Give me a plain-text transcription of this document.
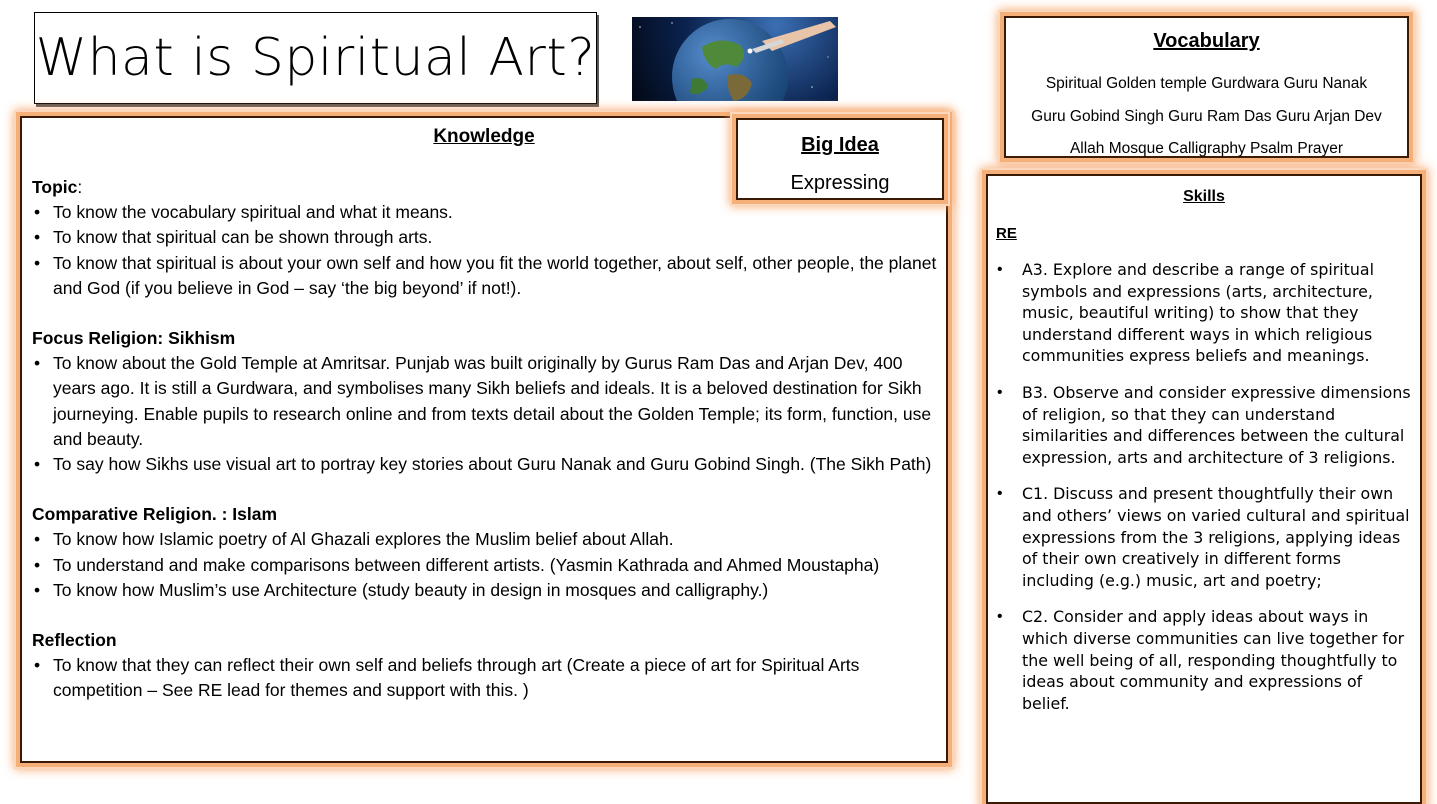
What is Spiritual Art?
Knowledge
Topic:
• To know the vocabulary spiritual and what it means.
• To know that spiritual can be shown through arts.
• To know that spiritual is about your own self and how you fit the world together, about self, other people, the planet and God (if you believe in God – say ‘the big beyond’ if not!).
Focus Religion: Sikhism
• To know about the Gold Temple at Amritsar. Punjab was built originally by Gurus Ram Das and Arjan Dev, 400 years ago. It is still a Gurdwara, and symbolises many Sikh beliefs and ideals. It is a beloved destination for Sikh journeying. Enable pupils to research online and from texts detail about the Golden Temple; its form, function, use and beauty.
• To say how Sikhs use visual art to portray key stories about Guru Nanak and Guru Gobind Singh. (The Sikh Path)
Comparative Religion. : Islam
• To know how Islamic poetry of Al Ghazali explores the Muslim belief about Allah.
• To understand and make comparisons between different artists. (Yasmin Kathrada and Ahmed Moustapha)
• To know how Muslim’s use Architecture (study beauty in design in mosques and calligraphy.)
Reflection
• To know that they can reflect their own self and beliefs through art (Create a piece of art for Spiritual Arts competition – See RE lead for themes and support with this. )
Big Idea
Expressing
Vocabulary
Spiritual Golden temple Gurdwara Guru Nanak
Guru Gobind Singh Guru Ram Das Guru Arjan Dev
Allah Mosque Calligraphy Psalm Prayer
Skills
RE
• A3. Explore and describe a range of spiritual symbols and expressions (arts, architecture, music, beautiful writing) to show that they understand different ways in which religious communities express beliefs and meanings.
• B3. Observe and consider expressive dimensions of religion, so that they can understand similarities and differences between the cultural expression, arts and architecture of 3 religions.
• C1. Discuss and present thoughtfully their own and others’ views on varied cultural and spiritual expressions from the 3 religions, applying ideas of their own creatively in different forms including (e.g.) music, art and poetry;
• C2. Consider and apply ideas about ways in which diverse communities can live together for the well being of all, responding thoughtfully to ideas about community and expressions of belief.
